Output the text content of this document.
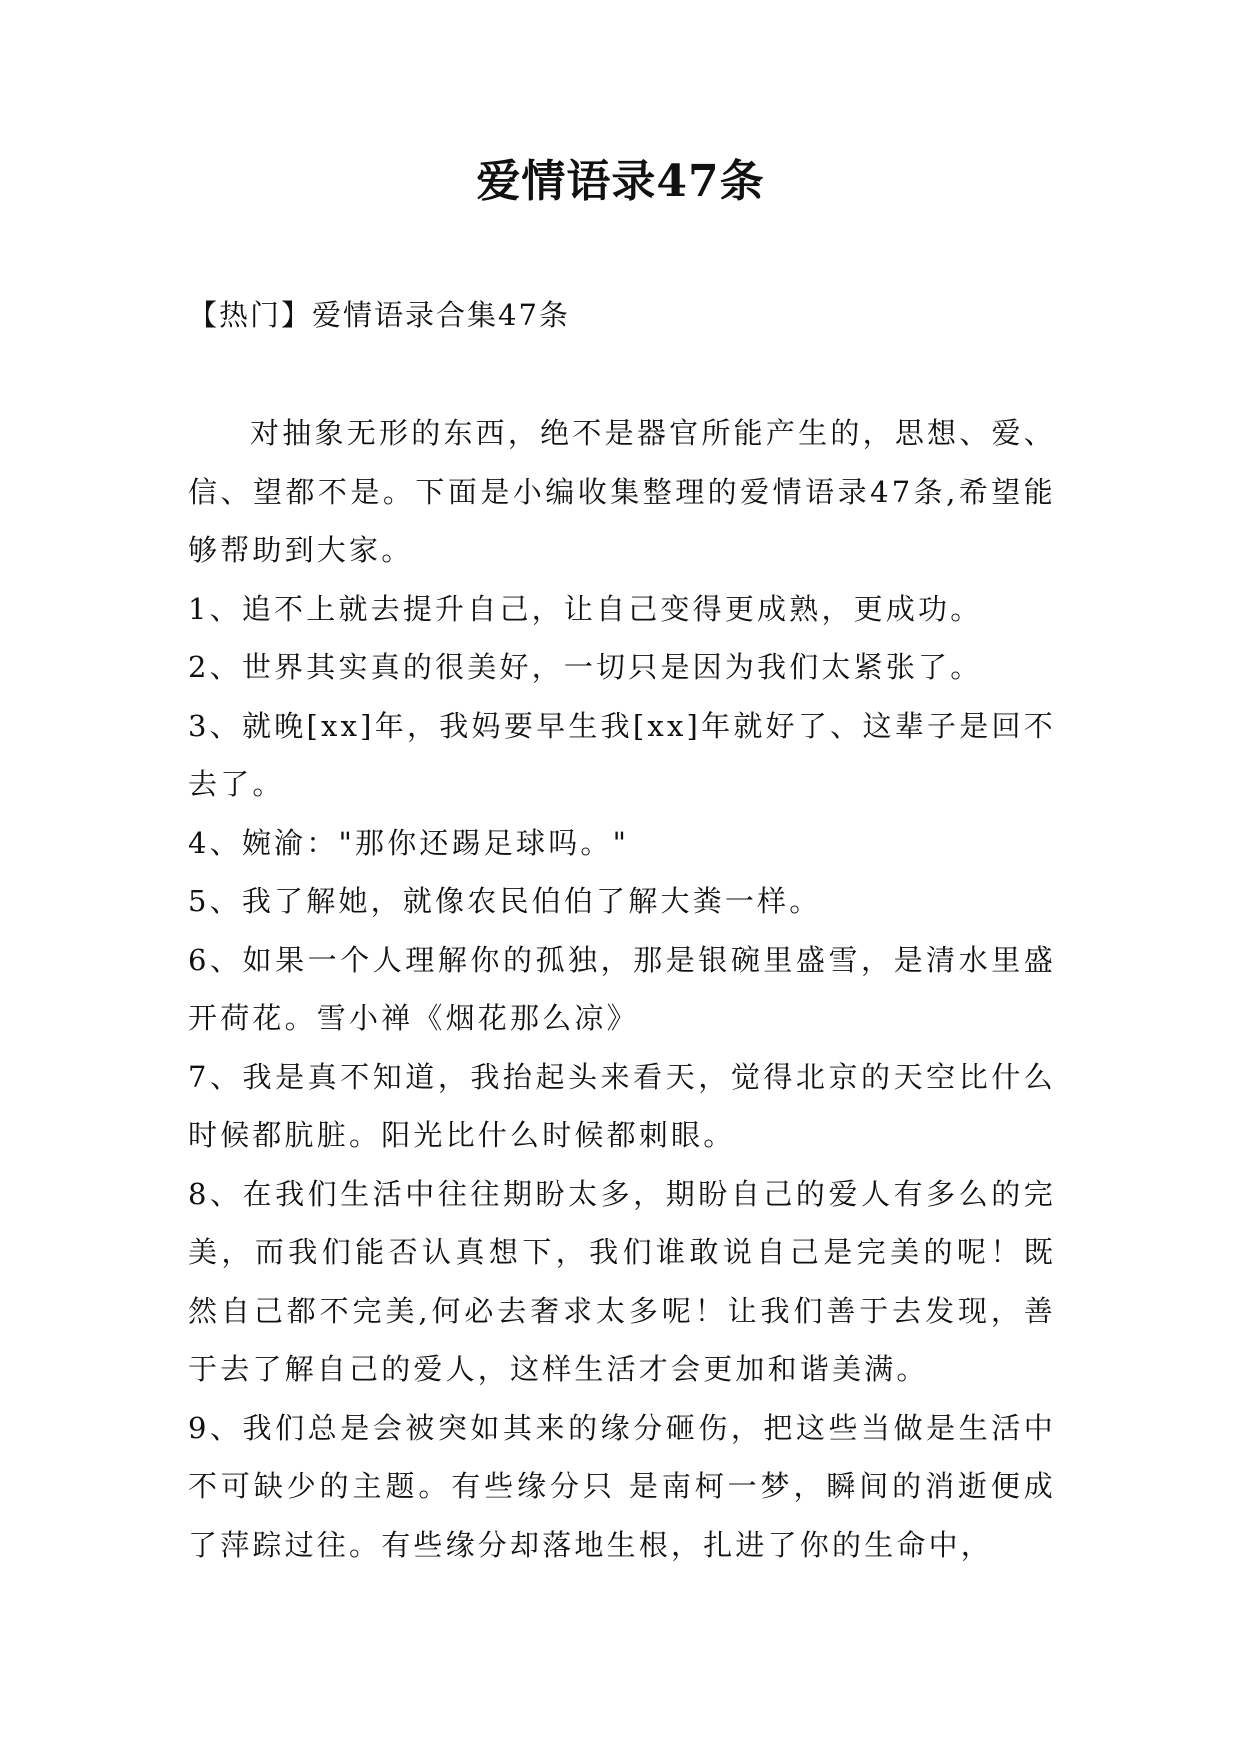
爱情语录47条

【热门】爱情语录合集47条

对抽象无形的东西，绝不是器官所能产生的，思想、爱、信、望都不是。下面是小编收集整理的爱情语录47条,希望能够帮助到大家。

1、追不上就去提升自己，让自己变得更成熟，更成功。

2、世界其实真的很美好，一切只是因为我们太紧张了。

3、就晚[xx]年，我妈要早生我[xx]年就好了、这辈子是回不去了。

4、婉渝："那你还踢足球吗。"

5、我了解她，就像农民伯伯了解大粪一样。

6、如果一个人理解你的孤独，那是银碗里盛雪，是清水里盛开荷花。雪小禅《烟花那么凉》

7、我是真不知道，我抬起头来看天，觉得北京的天空比什么时候都肮脏。阳光比什么时候都刺眼。

8、在我们生活中往往期盼太多，期盼自己的爱人有多么的完美，而我们能否认真想下，我们谁敢说自己是完美的呢！既然自己都不完美,何必去奢求太多呢！让我们善于去发现，善于去了解自己的爱人，这样生活才会更加和谐美满。

9、我们总是会被突如其来的缘分砸伤，把这些当做是生活中不可缺少的主题。有些缘分只 是南柯一梦，瞬间的消逝便成了萍踪过往。有些缘分却落地生根，扎进了你的生命中，
